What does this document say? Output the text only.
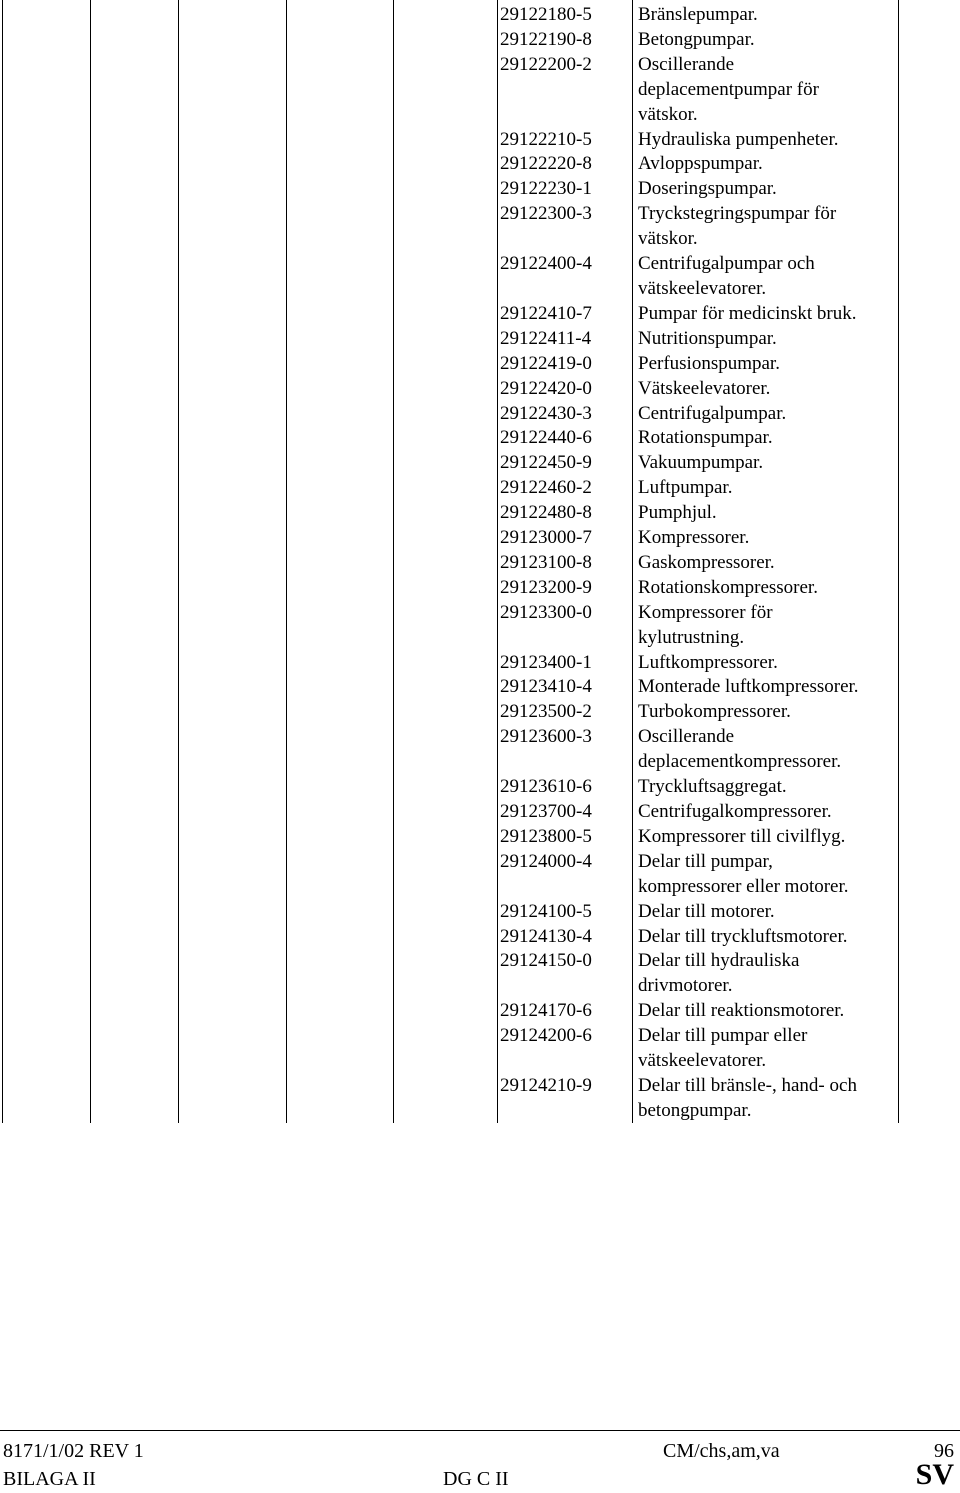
29122180-5 Bränslepumpar.
29122190-8 Betongpumpar.
29122200-2 Oscillerande
deplacementpumpar för
vätskor.
29122210-5 Hydrauliska pumpenheter.
29122220-8 Avloppspumpar.
29122230-1 Doseringspumpar.
29122300-3 Tryckstegringspumpar för
vätskor.
29122400-4 Centrifugalpumpar och
vätskeelevatorer.
29122410-7 Pumpar för medicinskt bruk.
29122411-4 Nutritionspumpar.
29122419-0 Perfusionspumpar.
29122420-0 Vätskeelevatorer.
29122430-3 Centrifugalpumpar.
29122440-6 Rotationspumpar.
29122450-9 Vakuumpumpar.
29122460-2 Luftpumpar.
29122480-8 Pumphjul.
29123000-7 Kompressorer.
29123100-8 Gaskompressorer.
29123200-9 Rotationskompressorer.
29123300-0 Kompressorer för
kylutrustning.
29123400-1 Luftkompressorer.
29123410-4 Monterade luftkompressorer.
29123500-2 Turbokompressorer.
29123600-3 Oscillerande
deplacementkompressorer.
29123610-6 Tryckluftsaggregat.
29123700-4 Centrifugalkompressorer.
29123800-5 Kompressorer till civilflyg.
29124000-4 Delar till pumpar,
kompressorer eller motorer.
29124100-5 Delar till motorer.
29124130-4 Delar till tryckluftsmotorer.
29124150-0 Delar till hydrauliska
drivmotorer.
29124170-6 Delar till reaktionsmotorer.
29124200-6 Delar till pumpar eller
vätskeelevatorer.
29124210-9 Delar till bränsle-, hand- och
betongpumpar.
8171/1/02 REV 1	CM/chs,am,va	96
BILAGA II	DG C II	SV
